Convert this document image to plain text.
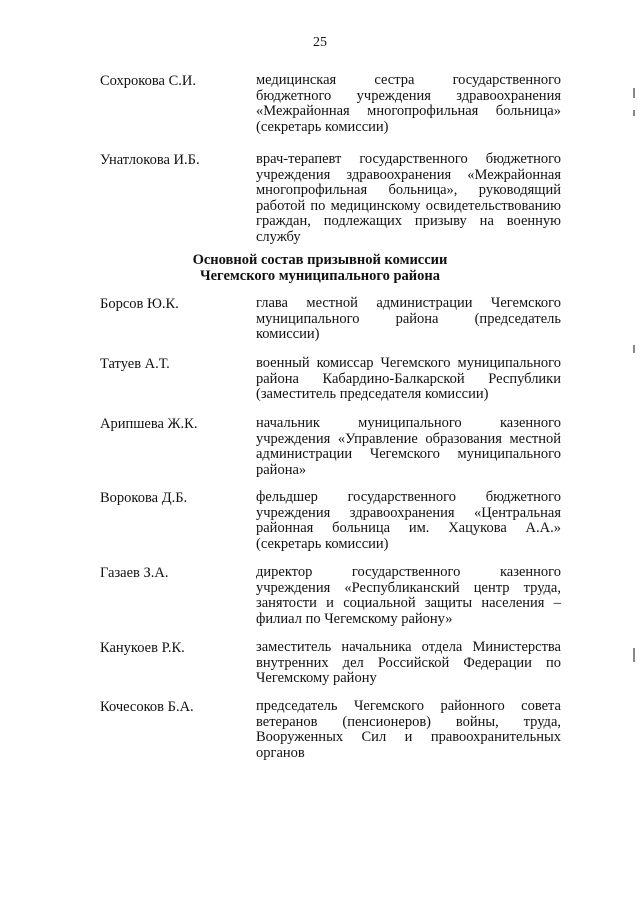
25
Сохрокова С.И.	медицинская сестра государственного бюджетного учреждения здравоохранения «Межрайонная многопрофильная больница» (секретарь комиссии)
Унатлокова И.Б.	врач-терапевт государственного бюджетного учреждения здравоохранения «Межрайонная многопрофильная больница», руководящий работой по медицинскому освидетельствованию граждан, подлежащих призыву на военную службу
Основной состав призывной комиссии
Чегемского муниципального района
Борсов Ю.К.	глава местной администрации Чегемского муниципального района (председатель комиссии)
Татуев А.Т.	военный комиссар Чегемского муниципального района Кабардино-Балкарской Республики (заместитель председателя комиссии)
Арипшева Ж.К.	начальник муниципального казенного учреждения «Управление образования местной администрации Чегемского муниципального района»
Ворокова Д.Б.	фельдшер государственного бюджетного учреждения здравоохранения «Центральная районная больница им. Хацукова А.А.» (секретарь комиссии)
Газаев З.А.	директор государственного казенного учреждения «Республиканский центр труда, занятости и социальной защиты населения – филиал по Чегемскому району»
Канукоев Р.К.	заместитель начальника отдела Министерства внутренних дел Российской Федерации по Чегемскому району
Кочесоков Б.А.	председатель Чегемского районного совета ветеранов (пенсионеров) войны, труда, Вооруженных Сил и правоохранительных органов
